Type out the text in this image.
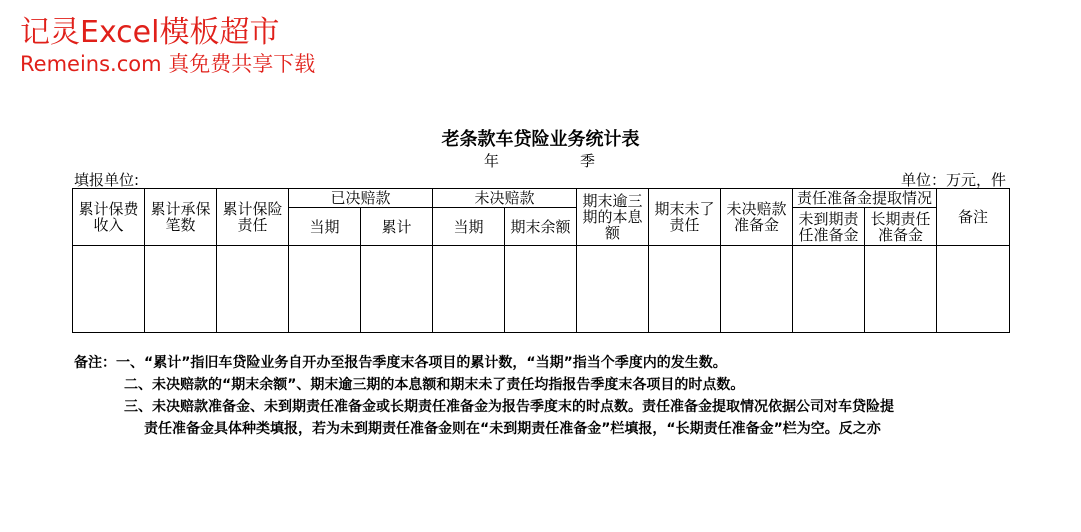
记灵Excel模板超市
Remeins.com 真免费共享下载
老条款车贷险业务统计表
年	季
填报单位:	单位：万元，件
累计保费收入	累计承保笔数	累计保险责任	已决赔款		未决赔款		期末逾三期的本息额	期末未了责任	未决赔款准备金	责任准备金提取情况		备注
			当期	累计	当期	期末余额				未到期责任准备金	长期责任准备金	

备注：一、“累计”指旧车贷险业务自开办至报告季度末各项目的累计数，“当期”指当个季度内的发生数。
二、未决赔款的“期末余额”、期末逾三期的本息额和期末未了责任均指报告季度末各项目的时点数。
三、未决赔款准备金、未到期责任准备金或长期责任准备金为报告季度末的时点数。责任准备金提取情况依据公司对车贷险提
责任准备金具体种类填报，若为未到期责任准备金则在“未到期责任准备金”栏填报，“长期责任准备金”栏为空。反之亦
